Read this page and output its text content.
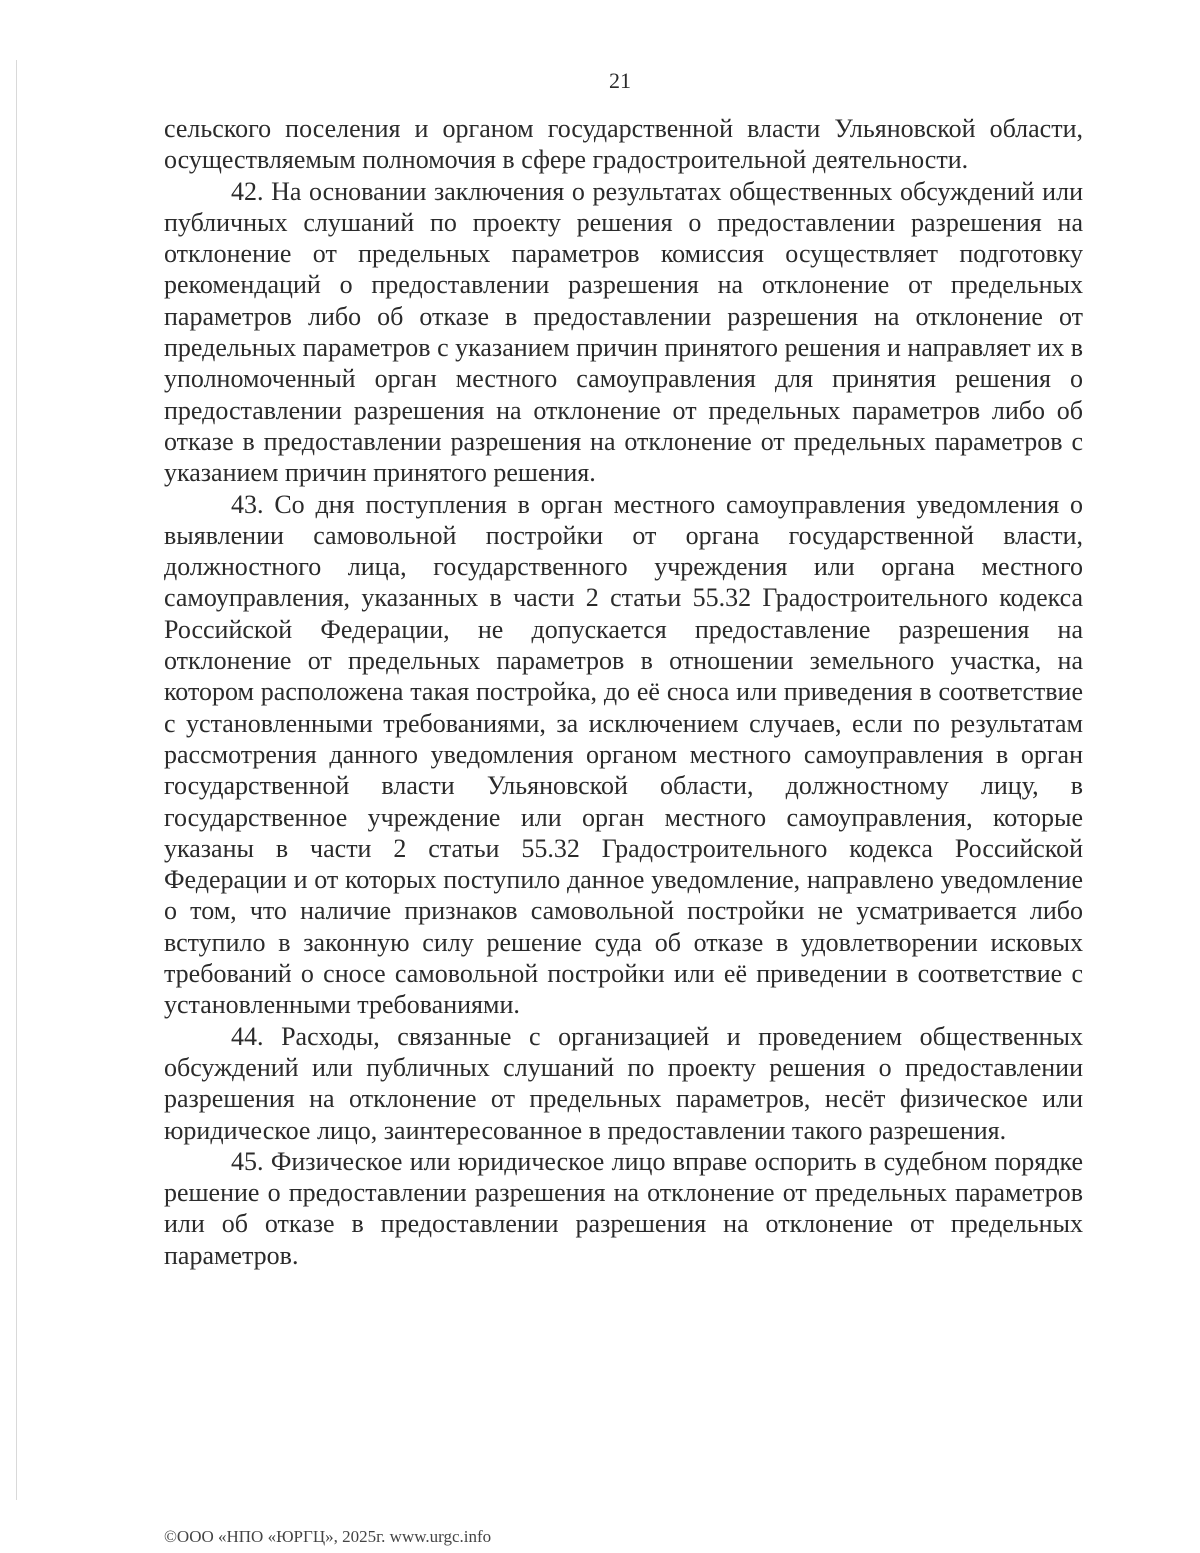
21

сельского поселения и органом государственной власти Ульяновской области, осуществляемым полномочия в сфере градостроительной деятельности.

42. На основании заключения о результатах общественных обсуждений или публичных слушаний по проекту решения о предоставлении разрешения на отклонение от предельных параметров комиссия осуществляет подготовку рекомендаций о предоставлении разрешения на отклонение от предельных параметров либо об отказе в предоставлении разрешения на отклонение от предельных параметров с указанием причин принятого решения и направляет их в уполномоченный орган местного самоуправления для принятия решения о предоставлении разрешения на отклонение от предельных параметров либо об отказе в предоставлении разрешения на отклонение от предельных параметров с указанием причин принятого решения.

43. Со дня поступления в орган местного самоуправления уведомления о выявлении самовольной постройки от органа государственной власти, должностного лица, государственного учреждения или органа местного самоуправления, указанных в части 2 статьи 55.32 Градостроительного кодекса Российской Федерации, не допускается предоставление разрешения на отклонение от предельных параметров в отношении земельного участка, на котором расположена такая постройка, до её сноса или приведения в соответствие с установленными требованиями, за исключением случаев, если по результатам рассмотрения данного уведомления органом местного самоуправления в орган государственной власти Ульяновской области, должностному лицу, в государственное учреждение или орган местного самоуправления, которые указаны в части 2 статьи 55.32 Градостроительного кодекса Российской Федерации и от которых поступило данное уведомление, направлено уведомление о том, что наличие признаков самовольной постройки не усматривается либо вступило в законную силу решение суда об отказе в удовлетворении исковых требований о сносе самовольной постройки или её приведении в соответствие с установленными требованиями.

44. Расходы, связанные с организацией и проведением общественных обсуждений или публичных слушаний по проекту решения о предоставлении разрешения на отклонение от предельных параметров, несёт физическое или юридическое лицо, заинтересованное в предоставлении такого разрешения.

45. Физическое или юридическое лицо вправе оспорить в судебном порядке решение о предоставлении разрешения на отклонение от предельных параметров или об отказе в предоставлении разрешения на отклонение от предельных параметров.

©ООО «НПО «ЮРГЦ», 2025г. www.urgc.info
